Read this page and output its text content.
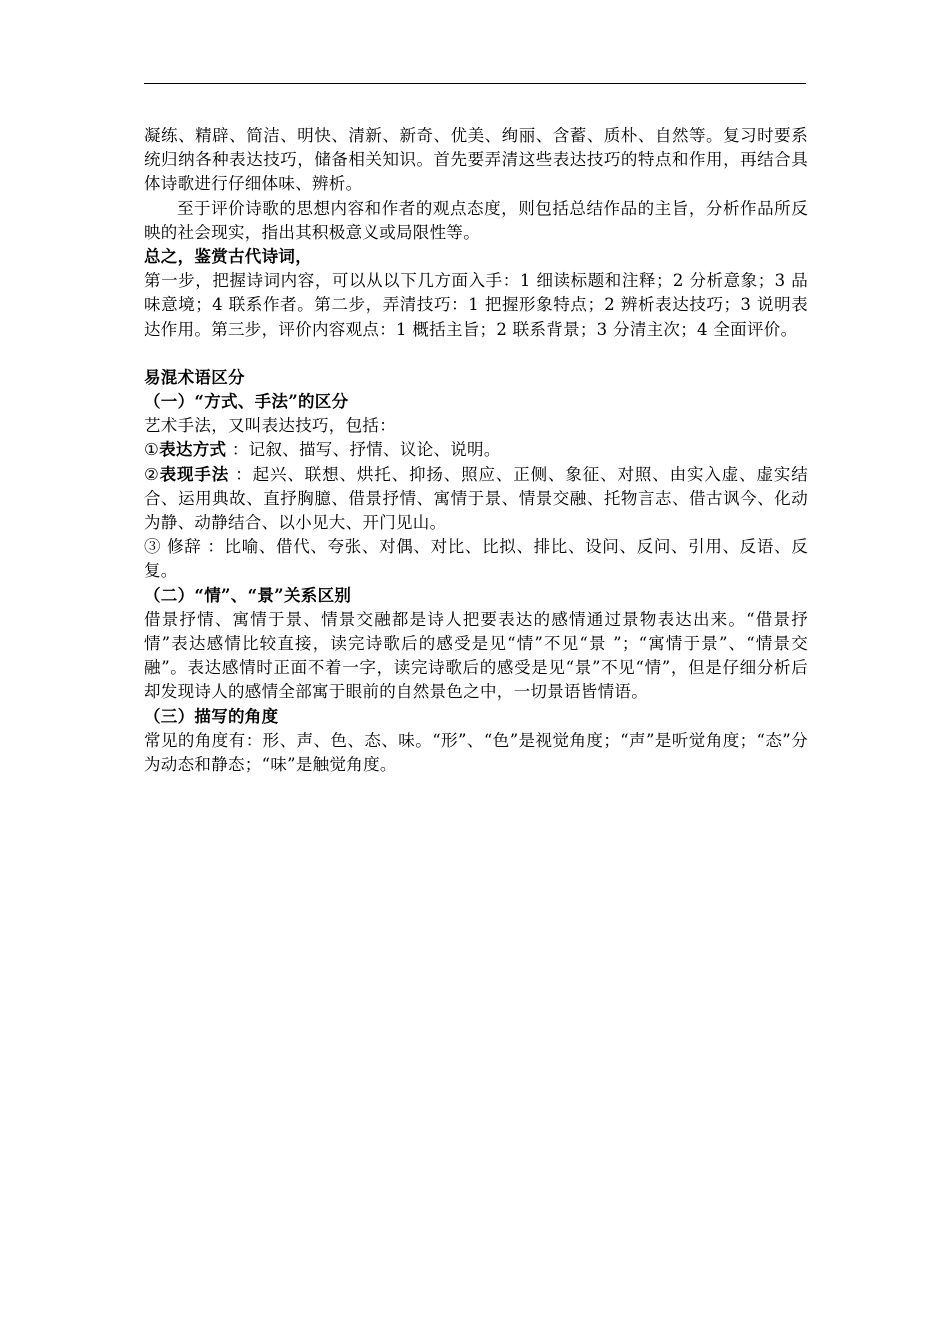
凝练、精辟、简洁、明快、清新、新奇、优美、绚丽、含蓄、质朴、自然等。复习时要系统归纳各种表达技巧，储备相关知识。首先要弄清这些表达技巧的特点和作用，再结合具体诗歌进行仔细体味、辨析。

至于评价诗歌的思想内容和作者的观点态度，则包括总结作品的主旨，分析作品所反映的社会现实，指出其积极意义或局限性等。

总之，鉴赏古代诗词，

第一步，把握诗词内容，可以从以下几方面入手：1 细读标题和注释；2 分析意象；3 品味意境；4 联系作者。第二步，弄清技巧：1 把握形象特点；2 辨析表达技巧；3 说明表达作用。第三步，评价内容观点：1 概括主旨；2 联系背景；3 分清主次；4 全面评价。

易混术语区分

（一）“方式、手法”的区分

艺术手法，又叫表达技巧，包括：

①表达方式 ：记叙、描写、抒情、议论、说明。

②表现手法 ：起兴、联想、烘托、抑扬、照应、正侧、象征、对照、由实入虚、虚实结合、运用典故、直抒胸臆、借景抒情、寓情于景、情景交融、托物言志、借古讽今、化动为静、动静结合、以小见大、开门见山。

③ 修辞 ：比喻、借代、夸张、对偶、对比、比拟、排比、设问、反问、引用、反语、反复。

（二）“情”、“景”关系区别

借景抒情、寓情于景、情景交融都是诗人把要表达的感情通过景物表达出来。“借景抒情”表达感情比较直接，读完诗歌后的感受是见“情”不见“景 ”；“寓情于景”、“情景交融”。表达感情时正面不着一字，读完诗歌后的感受是见“景”不见“情”，但是仔细分析后却发现诗人的感情全部寓于眼前的自然景色之中，一切景语皆情语。

（三）描写的角度

常见的角度有：形、声、色、态、味。“形”、“色”是视觉角度；“声”是听觉角度；“态”分为动态和静态；“味”是触觉角度。
